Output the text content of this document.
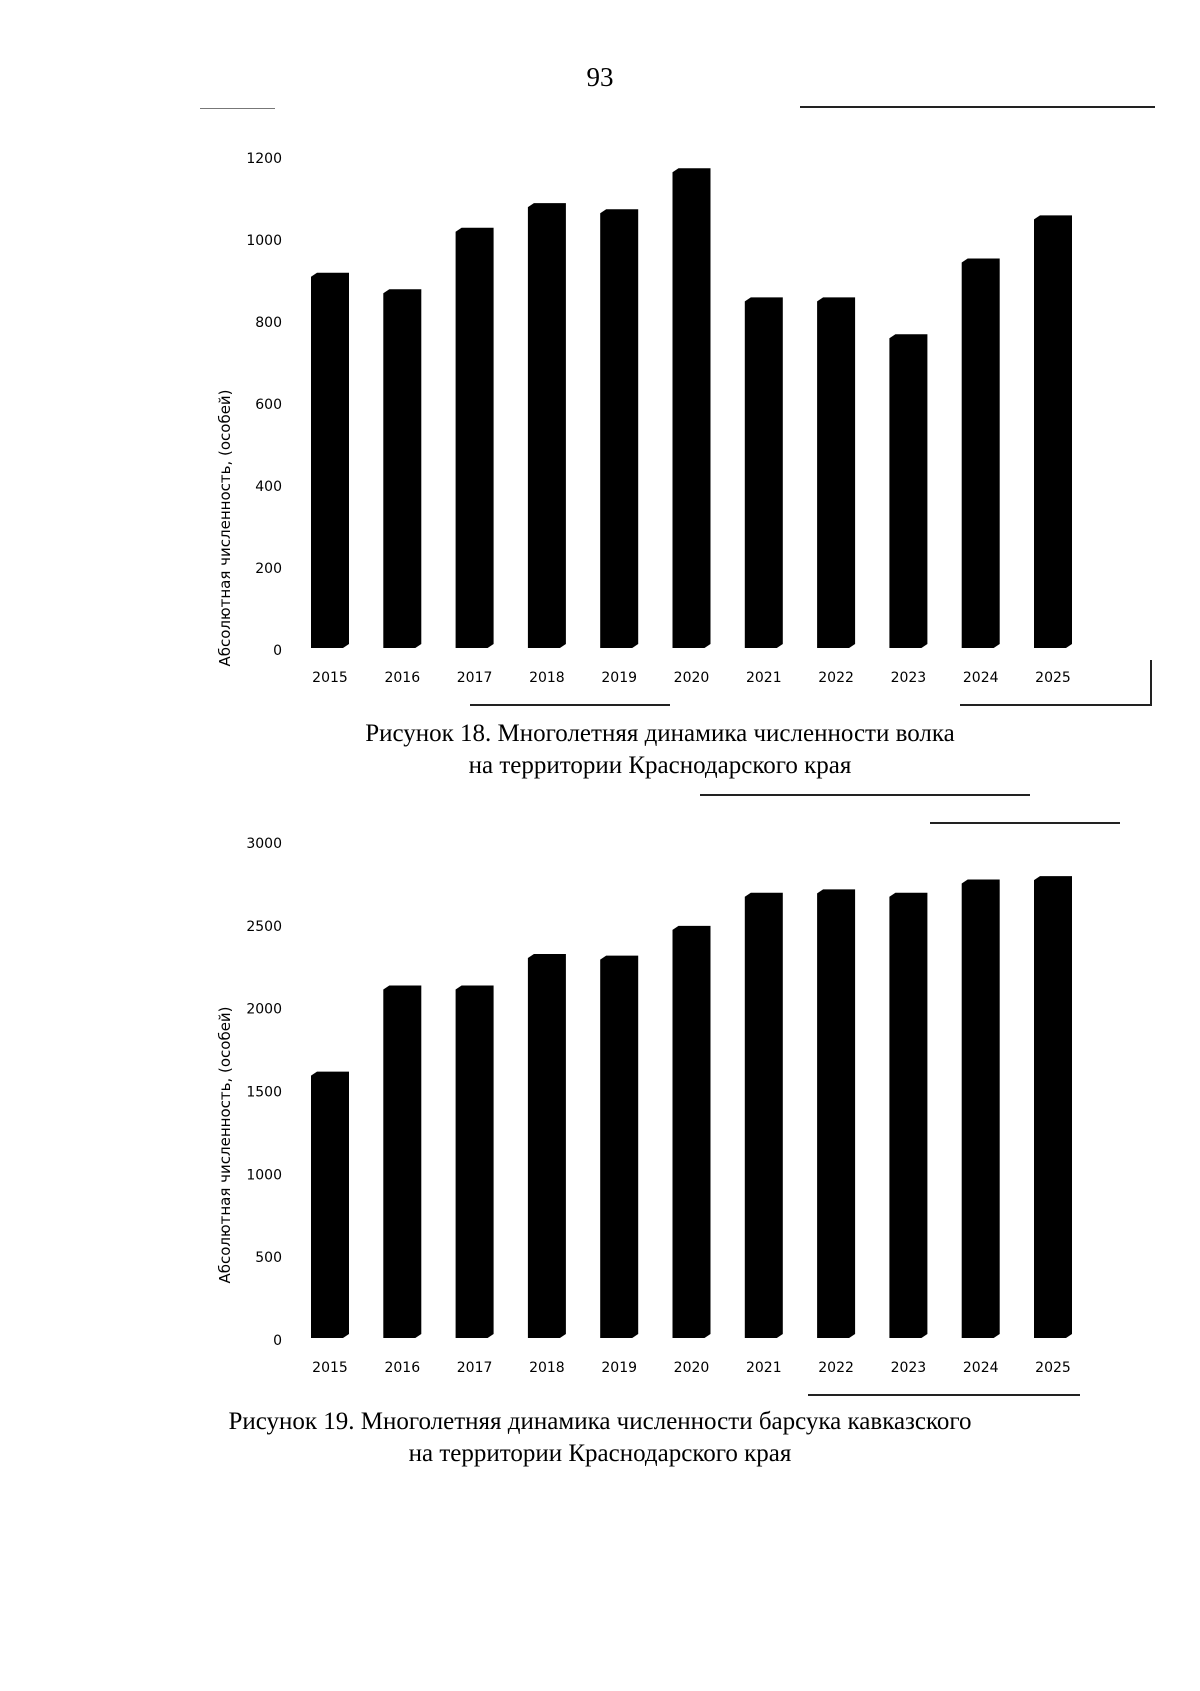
93
Абсолютная численность, (особей)	0
200
400
600
800
1000
1200
2015	2016	2017	2018	2019	2020	2021	2022	2023	2024	2025
Рисунок 18. Многолетняя динамика численности волка
на территории Краснодарского края
Абсолютная численность, (особей)
0
500
1000
1500
2000
2500
3000
2015	2016	2017	2018	2019	2020	2021	2022	2023	2024	2025
Рисунок 19. Многолетняя динамика численности барсука кавказского
на территории Краснодарского края
